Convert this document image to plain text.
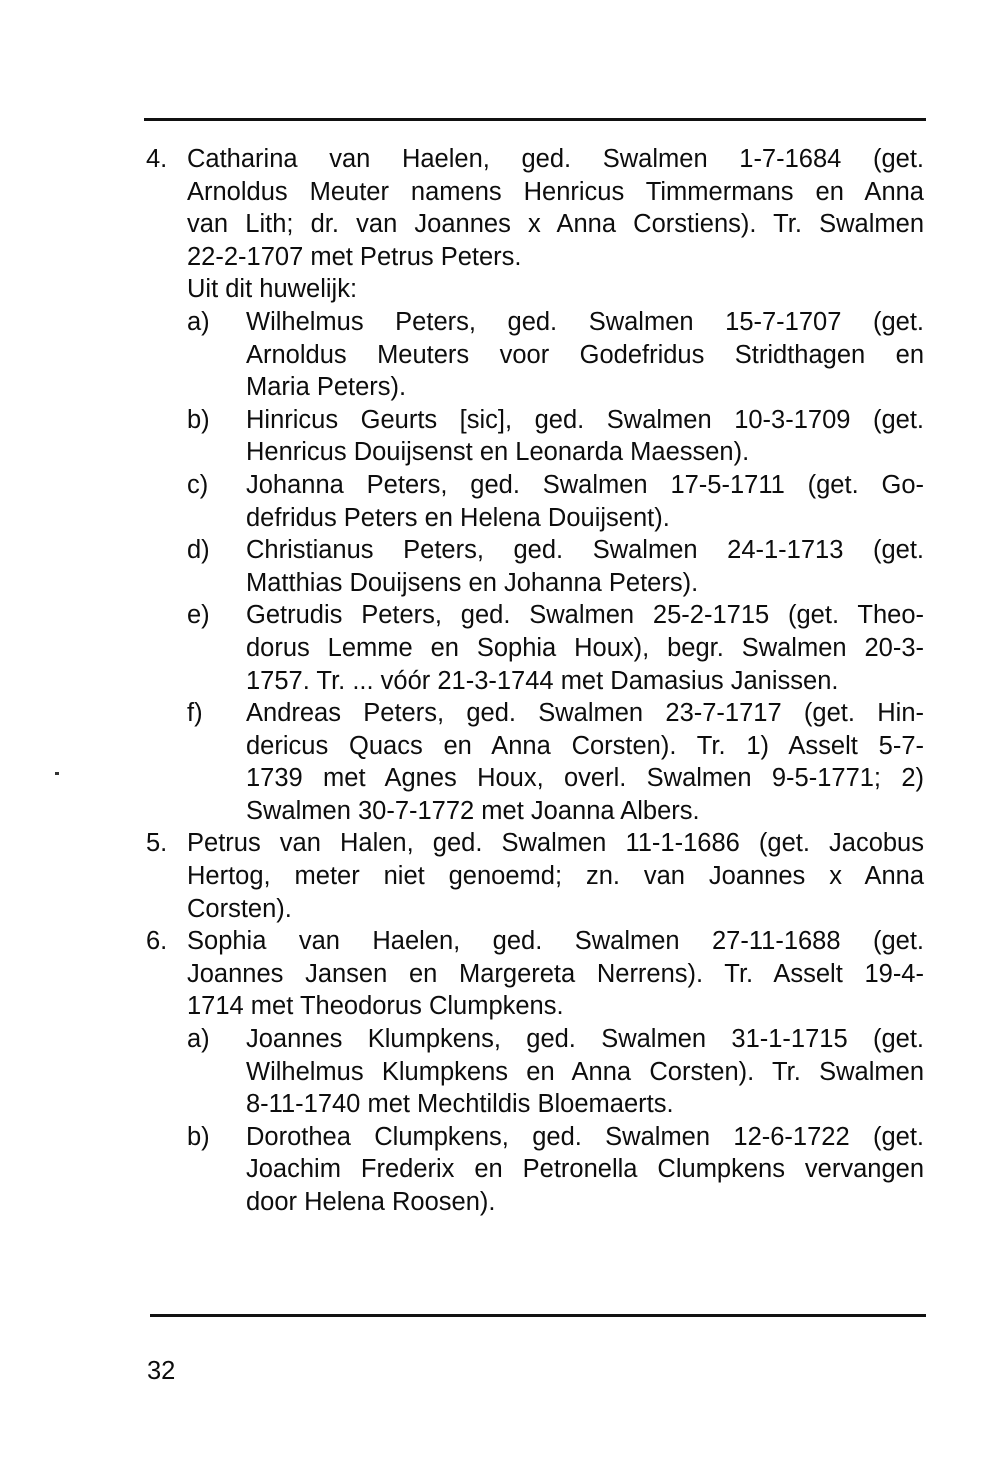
4. Catharina van Haelen, ged. Swalmen 1-7-1684 (get.
Arnoldus Meuter namens Henricus Timmermans en Anna
van Lith; dr. van Joannes x Anna Corstiens). Tr. Swalmen
22-2-1707 met Petrus Peters.
Uit dit huwelijk:
a) Wilhelmus Peters, ged. Swalmen 15-7-1707 (get.
Arnoldus Meuters voor Godefridus Stridthagen en
Maria Peters).
b) Hinricus Geurts [sic], ged. Swalmen 10-3-1709 (get.
Henricus Douijsenst en Leonarda Maessen).
c) Johanna Peters, ged. Swalmen 17-5-1711 (get. Go-
defridus Peters en Helena Douijsent).
d) Christianus Peters, ged. Swalmen 24-1-1713 (get.
Matthias Douijsens en Johanna Peters).
e) Getrudis Peters, ged. Swalmen 25-2-1715 (get. Theo-
dorus Lemme en Sophia Houx), begr. Swalmen 20-3-
1757. Tr. ... vóór 21-3-1744 met Damasius Janissen.
f) Andreas Peters, ged. Swalmen 23-7-1717 (get. Hin-
dericus Quacs en Anna Corsten). Tr. 1) Asselt 5-7-
1739 met Agnes Houx, overl. Swalmen 9-5-1771; 2)
Swalmen 30-7-1772 met Joanna Albers.
5. Petrus van Halen, ged. Swalmen 11-1-1686 (get. Jacobus
Hertog, meter niet genoemd; zn. van Joannes x Anna
Corsten).
6. Sophia van Haelen, ged. Swalmen 27-11-1688 (get.
Joannes Jansen en Margereta Nerrens). Tr. Asselt 19-4-
1714 met Theodorus Clumpkens.
a) Joannes Klumpkens, ged. Swalmen 31-1-1715 (get.
Wilhelmus Klumpkens en Anna Corsten). Tr. Swalmen
8-11-1740 met Mechtildis Bloemaerts.
b) Dorothea Clumpkens, ged. Swalmen 12-6-1722 (get.
Joachim Frederix en Petronella Clumpkens vervangen
door Helena Roosen).
32
